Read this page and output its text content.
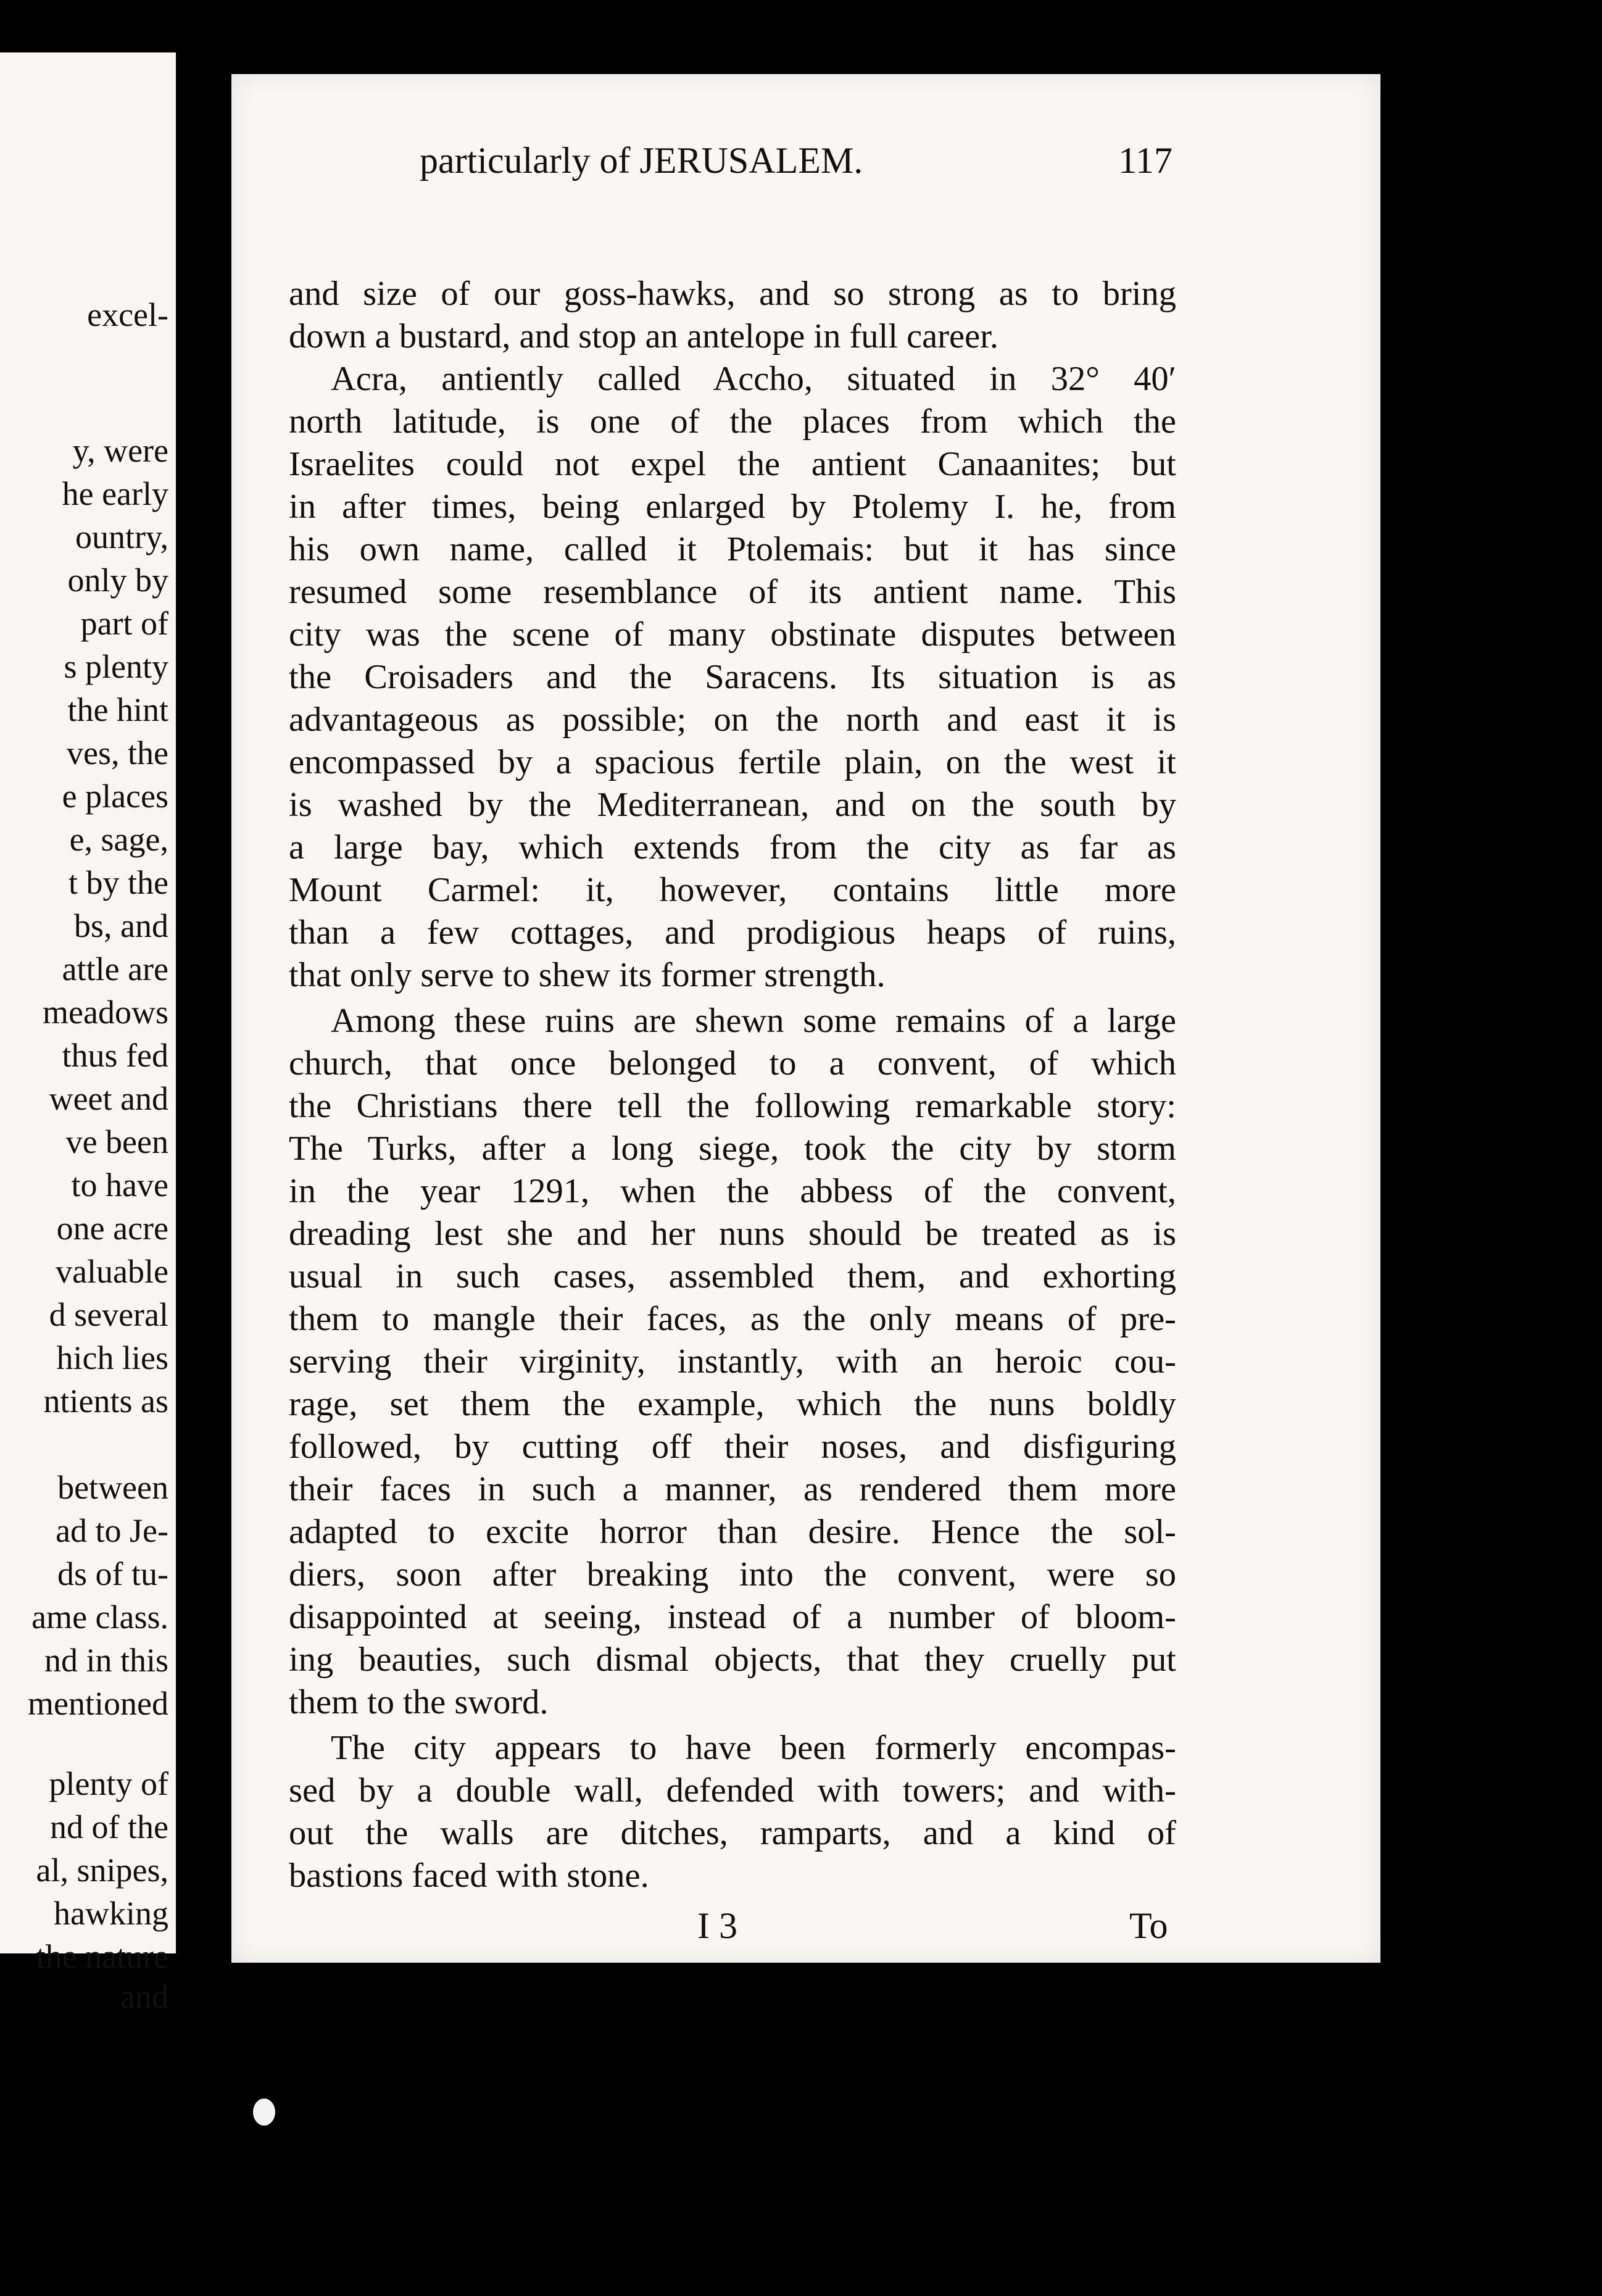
excel-

y, were

he early

ountry,

only by

part of

s plenty

the hint

ves, the

e places

e, sage,

t by the

bs, and

attle are

meadows

thus fed

weet and

ve been

to have

one acre

valuable

d several

hich lies

ntients as

between

ad to Je-

ds of tu-

ame class.

nd in this

mentioned

plenty of

nd of the

al, snipes,

hawking

the nature

and

particularly of JERUSALEM.	117

and size of our goss-hawks, and so strong as to bring

down a bustard, and stop an antelope in full career.

Acra, antiently called Accho, situated in 32° 40′

north latitude, is one of the places from which the

Israelites could not expel the antient Canaanites; but

in after times, being enlarged by Ptolemy I. he, from

his own name, called it Ptolemais: but it has since

resumed some resemblance of its antient name. This

city was the scene of many obstinate disputes between

the Croisaders and the Saracens. Its situation is as

advantageous as possible; on the north and east it is

encompassed by a spacious fertile plain, on the west it

is washed by the Mediterranean, and on the south by

a large bay, which extends from the city as far as

Mount Carmel: it, however, contains little more

than a few cottages, and prodigious heaps of ruins,

that only serve to shew its former strength.

Among these ruins are shewn some remains of a large

church, that once belonged to a convent, of which

the Christians there tell the following remarkable story:

The Turks, after a long siege, took the city by storm

in the year 1291, when the abbess of the convent,

dreading lest she and her nuns should be treated as is

usual in such cases, assembled them, and exhorting

them to mangle their faces, as the only means of pre-

serving their virginity, instantly, with an heroic cou-

rage, set them the example, which the nuns boldly

followed, by cutting off their noses, and disfiguring

their faces in such a manner, as rendered them more

adapted to excite horror than desire. Hence the sol-

diers, soon after breaking into the convent, were so

disappointed at seeing, instead of a number of bloom-

ing beauties, such dismal objects, that they cruelly put

them to the sword.

The city appears to have been formerly encompas-

sed by a double wall, defended with towers; and with-

out the walls are ditches, ramparts, and a kind of

bastions faced with stone.

I 3	To
